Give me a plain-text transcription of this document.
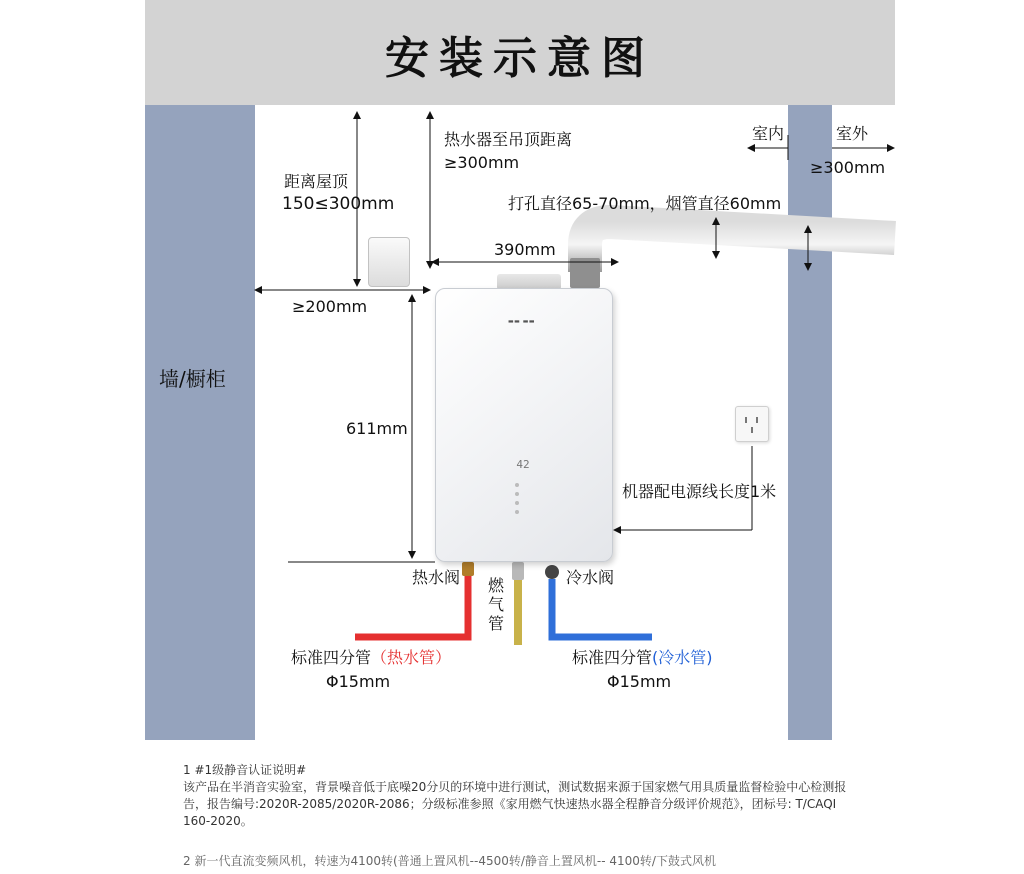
安装示意图
墙/橱柜
▬▬ ▬▬
42
距离屋顶
150≤300mm
热水器至吊顶距离
≥300mm
室内	室外
≥300mm
打孔直径65-70mm，烟管直径60mm
390mm
≥200mm
611mm
机器配电源线长度1米
热水阀 燃气管
冷水阀
标准四分管（热水管）
Φ15mm
标准四分管(冷水管)
Φ15mm
1 #1级静音认证说明#
该产品在半消音实验室，背景噪音低于底噪20分贝的环境中进行测试，测试数据来源于国家燃气用具质量监督检验中心检测报告，报告编号:2020R-2085/2020R-2086；分级标准参照《家用燃气快速热水器全程静音分级评价规范》，团标号: T/CAQI 160-2020。
2 新一代直流变频风机，转速为4100转(普通上置风机--4500转/静音上置风机-- 4100转/下鼓式风机
